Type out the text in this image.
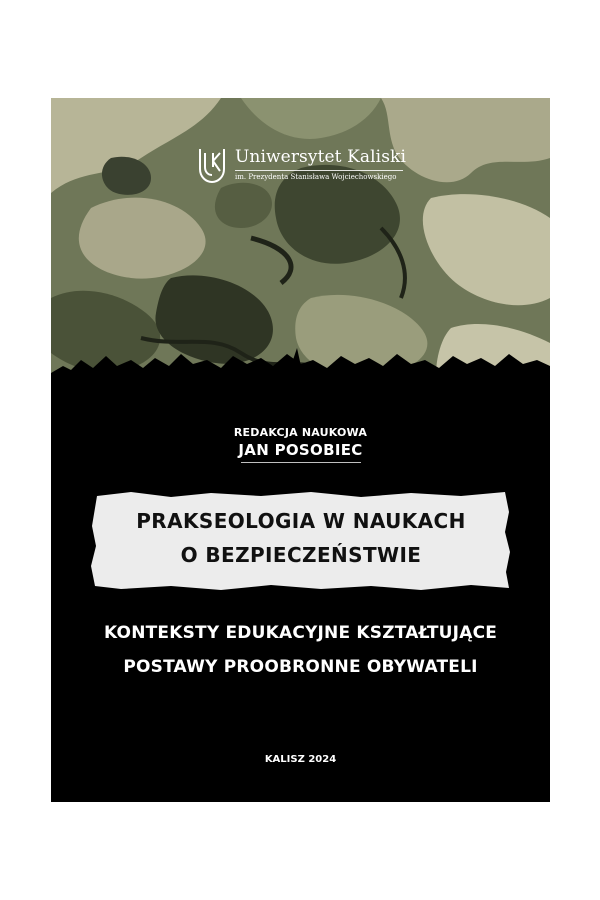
Uniwersytet Kaliski
im. Prezydenta Stanisława Wojciechowskiego
REDAKCJA NAUKOWA
JAN POSOBIEC
PRAKSEOLOGIA W NAUKACH
O BEZPIECZEŃSTWIE
KONTEKSTY EDUKACYJNE KSZTAŁTUJĄCE
POSTAWY PROOBRONNE OBYWATELI
KALISZ 2024
